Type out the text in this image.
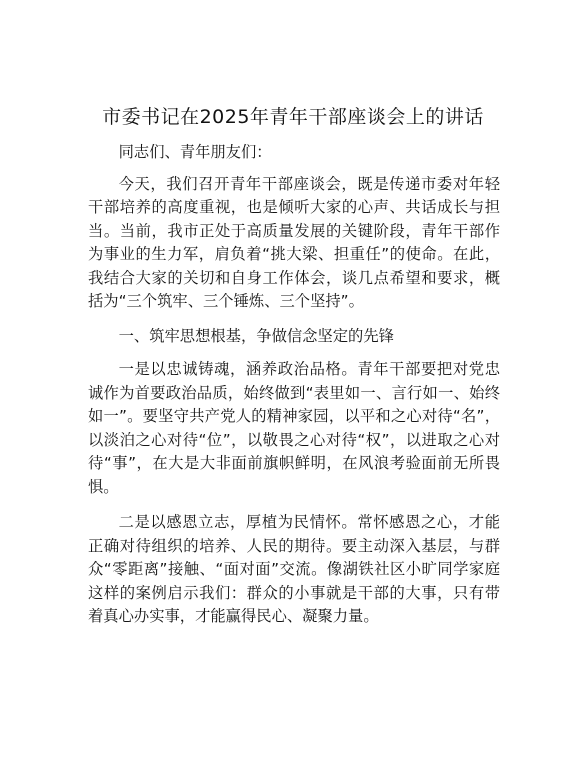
市委书记在2025年青年干部座谈会上的讲话

同志们、青年朋友们：

今天，我们召开青年干部座谈会，既是传递市委对年轻干部培养的高度重视，也是倾听大家的心声、共话成长与担当。当前，我市正处于高质量发展的关键阶段，青年干部作为事业的生力军，肩负着“挑大梁、担重任”的使命。在此，我结合大家的关切和自身工作体会，谈几点希望和要求，概括为“三个筑牢、三个锤炼、三个坚持”。

一、筑牢思想根基，争做信念坚定的先锋

一是以忠诚铸魂，涵养政治品格。青年干部要把对党忠诚作为首要政治品质，始终做到“表里如一、言行如一、始终如一”。要坚守共产党人的精神家园，以平和之心对待“名”，以淡泊之心对待“位”，以敬畏之心对待“权”，以进取之心对待“事”，在大是大非面前旗帜鲜明，在风浪考验面前无所畏惧。

二是以感恩立志，厚植为民情怀。常怀感恩之心，才能正确对待组织的培养、人民的期待。要主动深入基层，与群众“零距离”接触、“面对面”交流。像湖铁社区小旷同学家庭这样的案例启示我们：群众的小事就是干部的大事，只有带着真心办实事，才能赢得民心、凝聚力量。
